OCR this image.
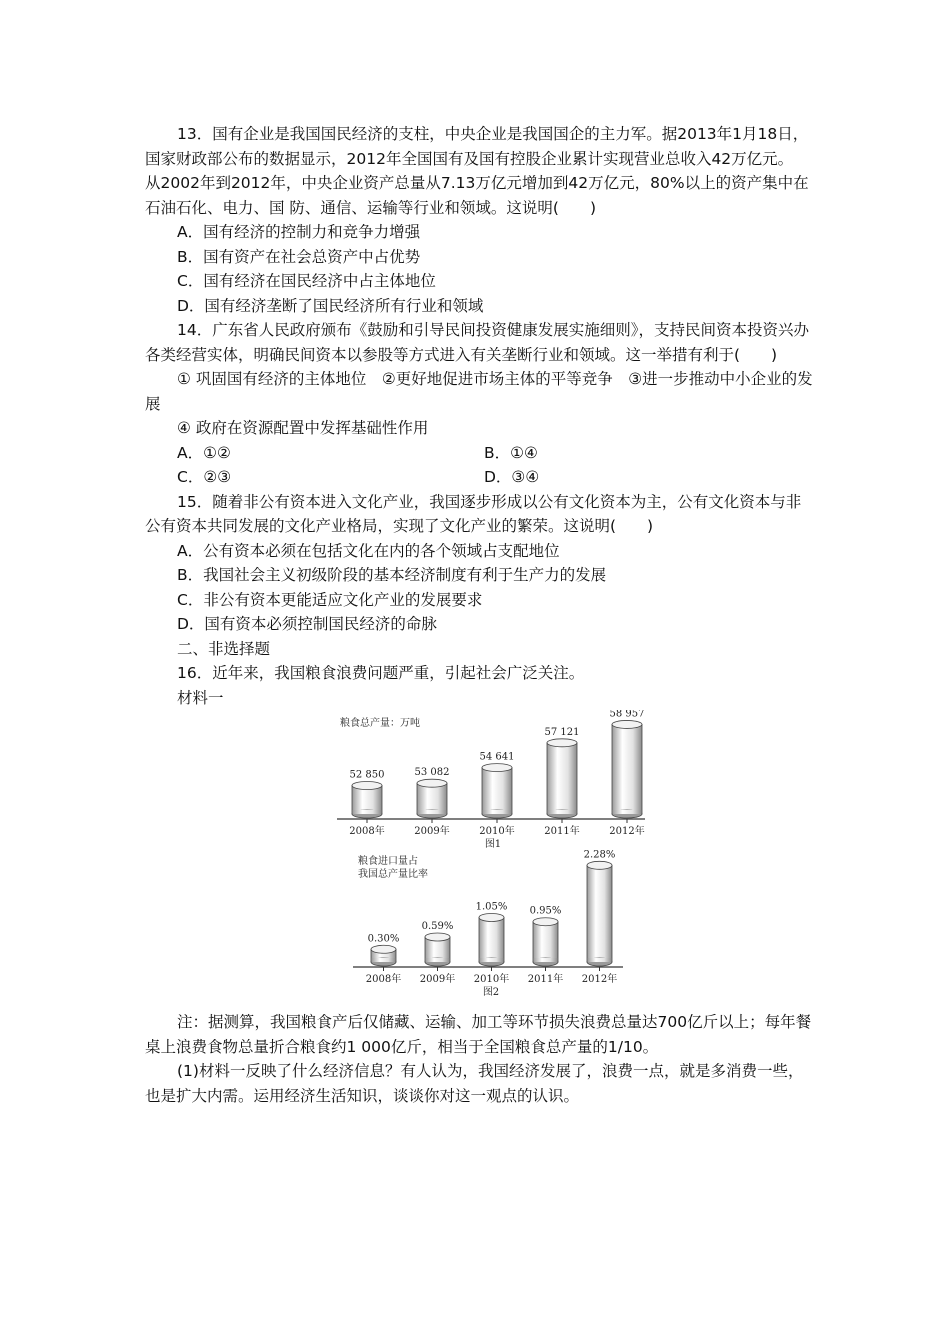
13．国有企业是我国国民经济的支柱，中央企业是我国国企的主力军。据2013年1月18日，国家财政部公布的数据显示，2012年全国国有及国有控股企业累计实现营业总收入42万亿元。 从2002年到2012年，中央企业资产总量从7.13万亿元增加到42万亿元，80%以上的资产集中在石油石化、电力、国 防、通信、运输等行业和领域。这说明(　　)

A．国有经济的控制力和竞争力增强

B．国有资产在社会总资产中占优势

C．国有经济在国民经济中占主体地位

D．国有经济垄断了国民经济所有行业和领域

14．广东省人民政府颁布《鼓励和引导民间投资健康发展实施细则》，支持民间资本投资兴办各类经营实体，明确民间资本以参股等方式进入有关垄断行业和领域。这一举措有利于(　　)

① 巩固国有经济的主体地位　②更好地促进市场主体的平等竞争　③进一步推动中小企业的发展

④ 政府在资源配置中发挥基础性作用

A．①②	B．①④
C．②③	D．③④

15．随着非公有资本进入文化产业，我国逐步形成以公有文化资本为主，公有文化资本与非公有资本共同发展的文化产业格局，实现了文化产业的繁荣。这说明(　　)

A．公有资本必须在包括文化在内的各个领域占支配地位

B．我国社会主义初级阶段的基本经济制度有利于生产力的发展

C．非公有资本更能适应文化产业的发展要求

D．国有资本必须控制国民经济的命脉

二、非选择题

16．近年来，我国粮食浪费问题严重，引起社会广泛关注。

材料一

粮食总产量：万吨
52 850
2008年
53 082
2009年
54 641
2010年
57 121
2011年
58 957
2012年
图1
粮食进口量占
我国总产量比率
0.30%
2008年
0.59%
2009年
1.05%
2010年
0.95%
2011年
2.28%
2012年
图2

注：据测算，我国粮食产后仅储藏、运输、加工等环节损失浪费总量达700亿斤以上；每年餐桌上浪费食物总量折合粮食约1 000亿斤，相当于全国粮食总产量的1/10。

(1)材料一反映了什么经济信息？有人认为，我国经济发展了，浪费一点，就是多消费一些，也是扩大内需。运用经济生活知识，谈谈你对这一观点的认识。
